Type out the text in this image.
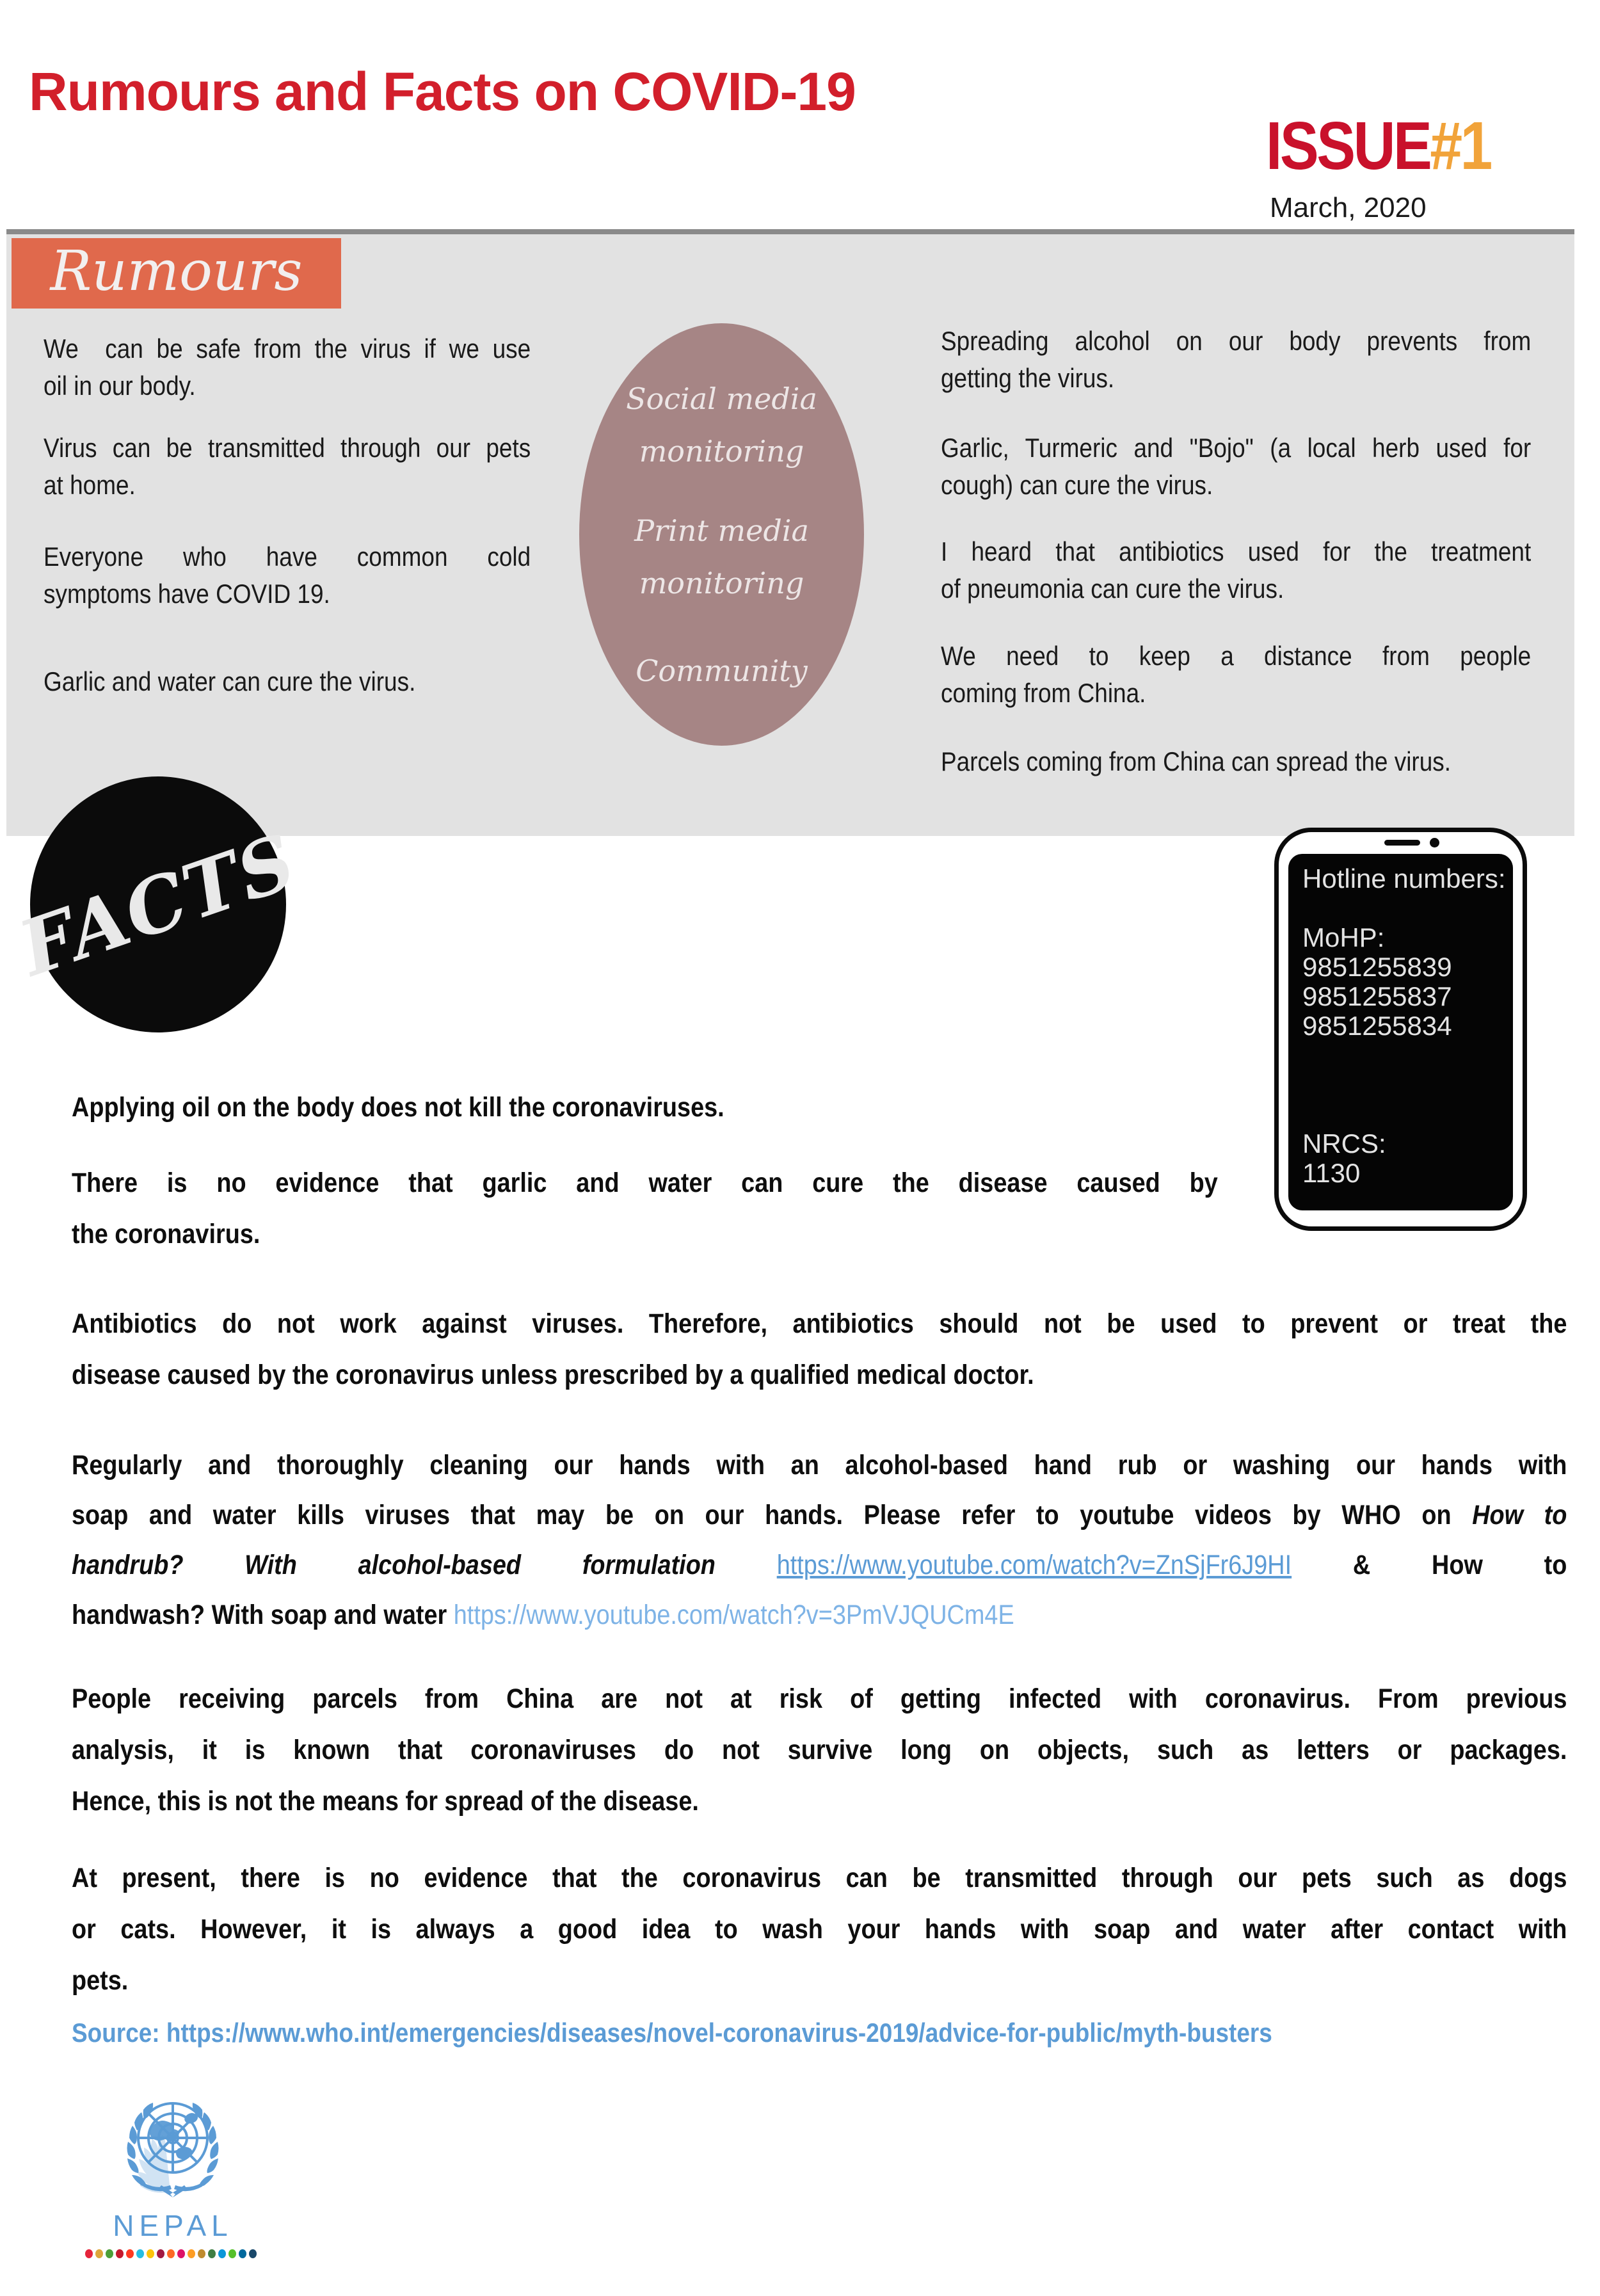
Rumours and Facts on COVID-19
ISSUE#1
March, 2020
Rumours
We  can be safe from the virus if we use
oil in our body.
Virus can be transmitted through our pets
at home.
Everyone who have common cold
symptoms have COVID 19.
Garlic and water can cure the virus.
Social media
monitoring
Print media
monitoring
Community
Spreading alcohol on our body prevents from
getting the virus.
Garlic, Turmeric and "Bojo" (a local herb used for
cough) can cure the virus.
I heard that antibiotics used for the treatment
of pneumonia can cure the virus.
We need to keep a distance from people
coming from China.
Parcels coming from China can spread the virus.
FACTS	Hotline numbers:
MoHP:
9851255839
9851255837
9851255834
NRCS:
1130
Applying oil on the body does not kill the coronaviruses.
There is no evidence that garlic and water can cure the disease caused by
the coronavirus.
Antibiotics do not work against viruses. Therefore, antibiotics should not be used to prevent or treat the
disease caused by the coronavirus unless prescribed by a qualified medical doctor.
Regularly and thoroughly cleaning our hands with an alcohol-based hand rub or washing our hands with
soap and water kills viruses that may be on our hands. Please refer to youtube videos by WHO on How to
handrub? With alcohol-based formulation https://www.youtube.com/watch?v=ZnSjFr6J9HI & How to
handwash? With soap and water https://www.youtube.com/watch?v=3PmVJQUCm4E
People receiving parcels from China are not at risk of getting infected with coronavirus. From previous
analysis, it is known that coronaviruses do not survive long on objects, such as letters or packages.
Hence, this is not the means for spread of the disease.
At present, there is no evidence that the coronavirus can be transmitted through our pets such as dogs
or cats. However, it is always a good idea to wash your hands with soap and water after contact with
pets.
Source: https://www.who.int/emergencies/diseases/novel-coronavirus-2019/advice-for-public/myth-busters
NEPAL
